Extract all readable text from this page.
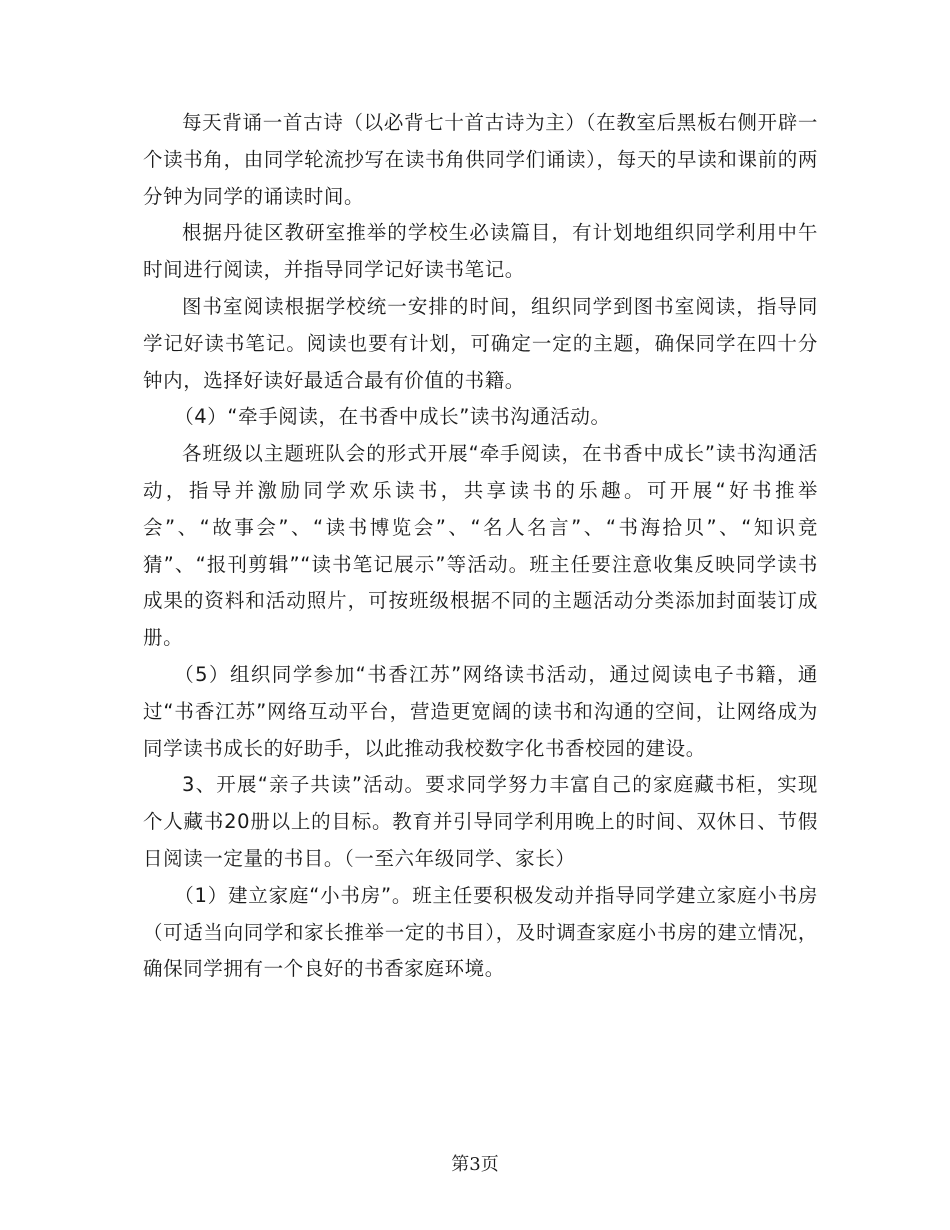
每天背诵一首古诗（以必背七十首古诗为主）（在教室后黑板右侧开辟一个读书角，由同学轮流抄写在读书角供同学们诵读），每天的早读和课前的两分钟为同学的诵读时间。

根据丹徒区教研室推举的学校生必读篇目，有计划地组织同学利用中午时间进行阅读，并指导同学记好读书笔记。

图书室阅读根据学校统一安排的时间，组织同学到图书室阅读，指导同学记好读书笔记。阅读也要有计划，可确定一定的主题，确保同学在四十分钟内，选择好读好最适合最有价值的书籍。

（4）“牵手阅读，在书香中成长”读书沟通活动。

各班级以主题班队会的形式开展“牵手阅读，在书香中成长”读书沟通活动，指导并激励同学欢乐读书，共享读书的乐趣。可开展“好书推举会”、“故事会”、“读书博览会”、“名人名言”、“书海拾贝”、“知识竞猜”、“报刊剪辑”“读书笔记展示”等活动。班主任要注意收集反映同学读书成果的资料和活动照片，可按班级根据不同的主题活动分类添加封面装订成册。

（5）组织同学参加“书香江苏”网络读书活动，通过阅读电子书籍，通过“书香江苏”网络互动平台，营造更宽阔的读书和沟通的空间，让网络成为同学读书成长的好助手，以此推动我校数字化书香校园的建设。

3、开展“亲子共读”活动。要求同学努力丰富自己的家庭藏书柜，实现个人藏书20册以上的目标。教育并引导同学利用晚上的时间、双休日、节假日阅读一定量的书目。（一至六年级同学、家长）

（1）建立家庭“小书房”。班主任要积极发动并指导同学建立家庭小书房（可适当向同学和家长推举一定的书目），及时调查家庭小书房的建立情况，确保同学拥有一个良好的书香家庭环境。

第3页
